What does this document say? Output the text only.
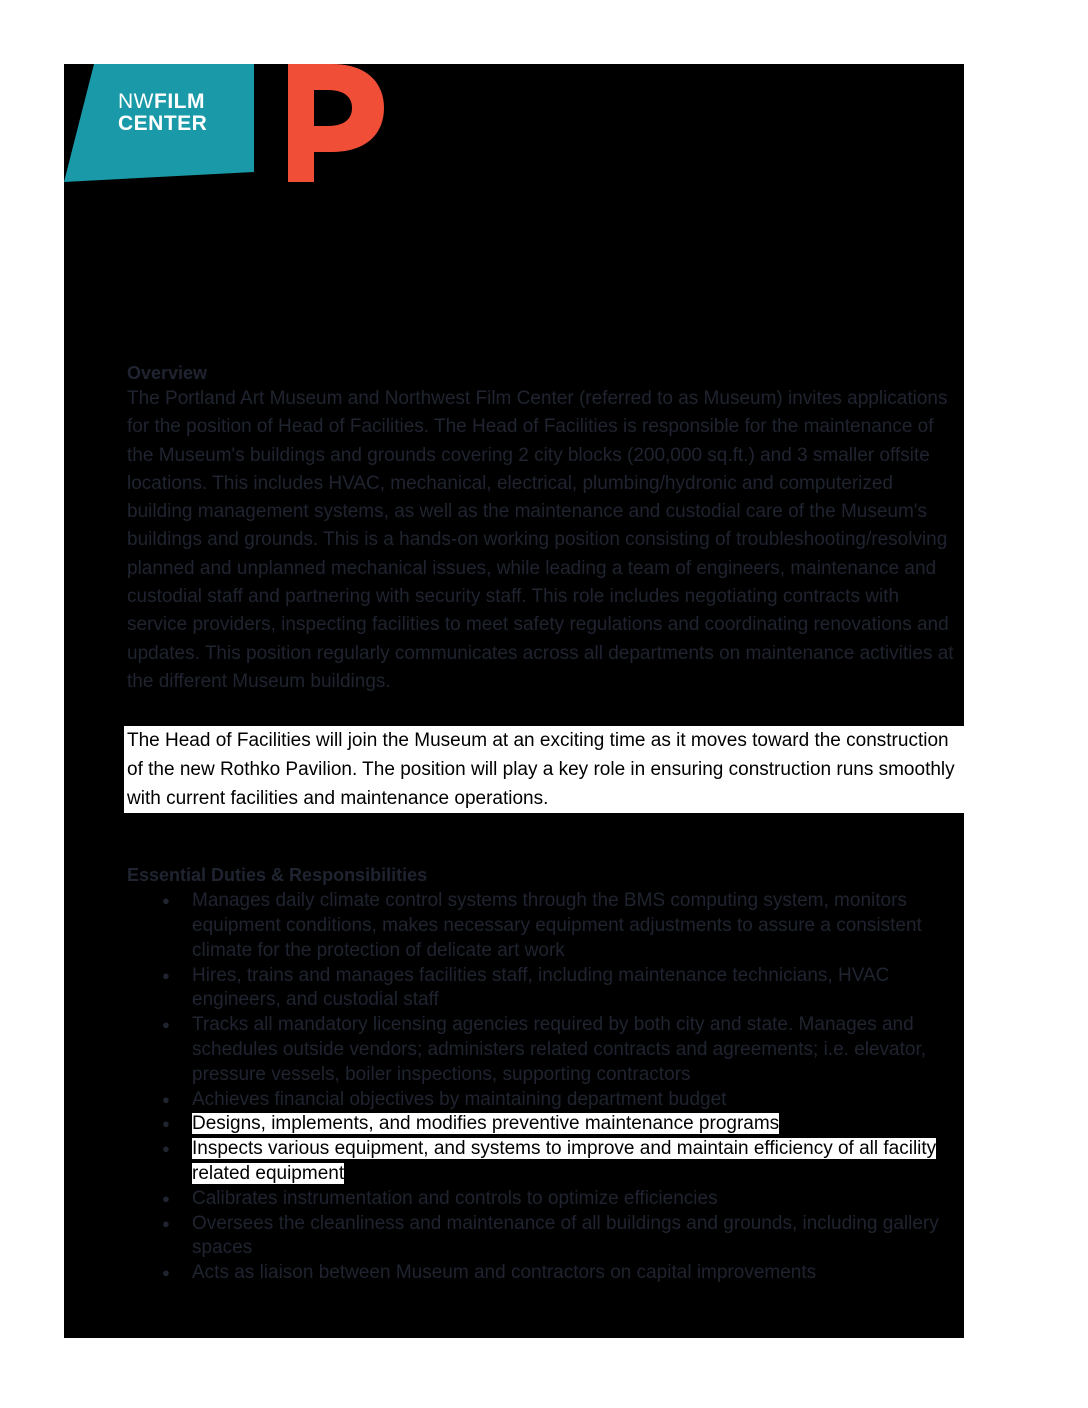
NWFILM
CENTER
Overview

The Portland Art Museum and Northwest Film Center (referred to as Museum) invites applications for the position of Head of Facilities. The Head of Facilities is responsible for the maintenance of the Museum's buildings and grounds covering 2 city blocks (200,000 sq.ft.) and 3 smaller offsite locations. This includes HVAC, mechanical, electrical, plumbing/hydronic and computerized building management systems, as well as the maintenance and custodial care of the Museum's buildings and grounds. This is a hands-on working position consisting of troubleshooting/resolving planned and unplanned mechanical issues, while leading a team of engineers, maintenance and custodial staff and partnering with security staff. This role includes negotiating contracts with service providers, inspecting facilities to meet safety regulations and coordinating renovations and updates. This position regularly communicates across all departments on maintenance activities at the different Museum buildings.

The Head of Facilities will join the Museum at an exciting time as it moves toward the construction of the new Rothko Pavilion. The position will play a key role in ensuring construction runs smoothly with current facilities and maintenance operations.

Essential Duties & Responsibilities
● Manages daily climate control systems through the BMS computing system, monitors equipment conditions, makes necessary equipment adjustments to assure a consistent climate for the protection of delicate art work
● Hires, trains and manages facilities staff, including maintenance technicians, HVAC engineers, and custodial staff
● Tracks all mandatory licensing agencies required by both city and state. Manages and schedules outside vendors; administers related contracts and agreements; i.e. elevator, pressure vessels, boiler inspections, supporting contractors
● Achieves financial objectives by maintaining department budget
● Designs, implements, and modifies preventive maintenance programs
● Inspects various equipment, and systems to improve and maintain efficiency of all facility related equipment
● Calibrates instrumentation and controls to optimize efficiencies
● Oversees the cleanliness and maintenance of all buildings and grounds, including gallery spaces
● Acts as liaison between Museum and contractors on capital improvements
